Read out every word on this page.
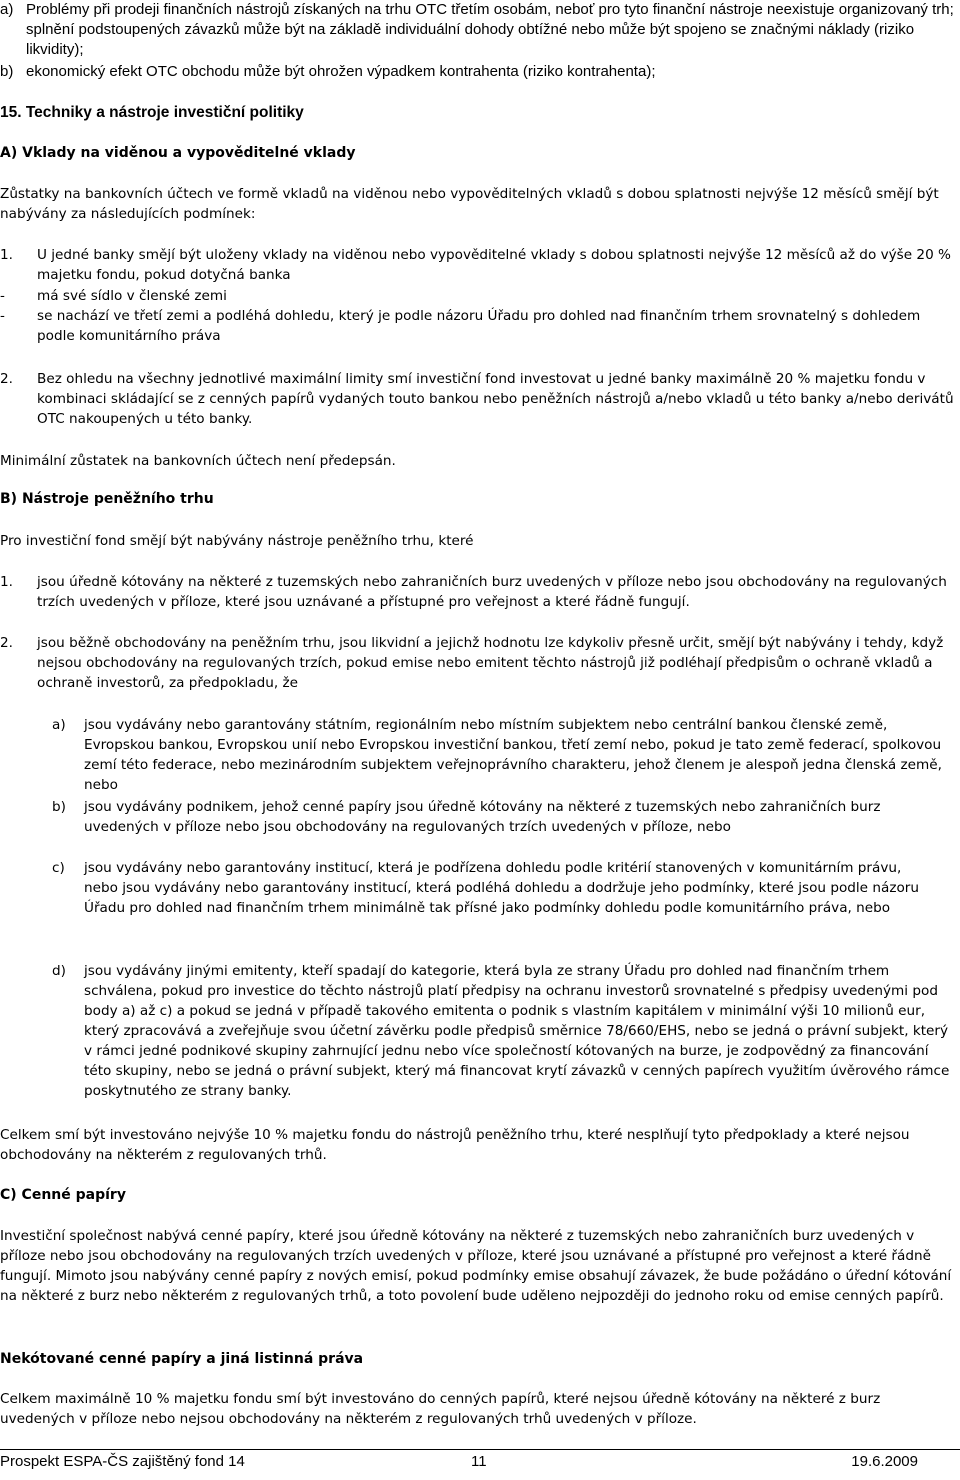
a) Problémy při prodeji finančních nástrojů získaných na trhu OTC třetím osobám, neboť pro tyto finanční nástroje neexistuje organizovaný trh; splnění podstoupených závazků může být na základě individuální dohody obtížné nebo může být spojeno se značnými náklady (riziko likvidity);
b) ekonomický efekt OTC obchodu může být ohrožen výpadkem kontrahenta (riziko kontrahenta);
15. Techniky a nástroje investiční politiky
A) Vklady na viděnou a vypověditelné vklady
Zůstatky na bankovních účtech ve formě vkladů na viděnou nebo vypověditelných vkladů s dobou splatnosti nejvýše 12 měsíců smějí být nabývány za následujících podmínek:
1.	U jedné banky smějí být uloženy vklady na viděnou nebo vypověditelné vklady s dobou splatnosti nejvýše 12 měsíců až do výše 20 % majetku fondu, pokud dotyčná banka
-	má své sídlo v členské zemi
-	se nachází ve třetí zemi a podléhá dohledu, který je podle názoru Úřadu pro dohled nad finančním trhem srovnatelný s dohledem podle komunitárního práva
2.	Bez ohledu na všechny jednotlivé maximální limity smí investiční fond investovat u jedné banky maximálně 20 % majetku fondu v kombinaci skládající se z cenných papírů vydaných touto bankou nebo peněžních nástrojů a/nebo vkladů u této banky a/nebo derivátů OTC nakoupených u této banky.
Minimální zůstatek na bankovních účtech není předepsán.
B) Nástroje peněžního trhu
Pro investiční fond smějí být nabývány nástroje peněžního trhu, které
1.	jsou úředně kótovány na některé z tuzemských nebo zahraničních burz uvedených v příloze nebo jsou obchodovány na regulovaných trzích uvedených v příloze, které jsou uznávané a přístupné pro veřejnost a které řádně fungují.
2.	jsou běžně obchodovány na peněžním trhu, jsou likvidní a jejichž hodnotu lze kdykoliv přesně určit, smějí být nabývány i tehdy, když nejsou obchodovány na regulovaných trzích, pokud emise nebo emitent těchto nástrojů již podléhají předpisům o ochraně vkladů a ochraně investorů, za předpokladu, že
a)	jsou vydávány nebo garantovány státním, regionálním nebo místním subjektem nebo centrální bankou členské země, Evropskou bankou, Evropskou unií nebo Evropskou investiční bankou, třetí zemí nebo, pokud je tato země federací, spolkovou zemí této federace, nebo mezinárodním subjektem veřejnoprávního charakteru, jehož členem je alespoň jedna členská země, nebo
b)	jsou vydávány podnikem, jehož cenné papíry jsou úředně kótovány na některé z tuzemských nebo zahraničních burz uvedených v příloze nebo jsou obchodovány na regulovaných trzích uvedených v příloze, nebo
c)	jsou vydávány nebo garantovány institucí, která je podřízena dohledu podle kritérií stanovených v komunitárním právu, nebo jsou vydávány nebo garantovány institucí, která podléhá dohledu a dodržuje jeho podmínky, které jsou podle názoru Úřadu pro dohled nad finančním trhem minimálně tak přísné jako podmínky dohledu podle komunitárního práva, nebo
d)	jsou vydávány jinými emitenty, kteří spadají do kategorie, která byla ze strany Úřadu pro dohled nad finančním trhem schválena, pokud pro investice do těchto nástrojů platí předpisy na ochranu investorů srovnatelné s předpisy uvedenými pod body a) až c) a pokud se jedná v případě takového emitenta o podnik s vlastním kapitálem v minimální výši 10 milionů eur, který zpracovává a zveřejňuje svou účetní závěrku podle předpisů směrnice 78/660/EHS, nebo se jedná o právní subjekt, který v rámci jedné podnikové skupiny zahrnující jednu nebo více společností kótovaných na burze, je zodpovědný za financování této skupiny, nebo se jedná o právní subjekt, který má financovat krytí závazků v cenných papírech využitím úvěrového rámce poskytnutého ze strany banky.
Celkem smí být investováno nejvýše 10 % majetku fondu do nástrojů peněžního trhu, které nesplňují tyto předpoklady a které nejsou obchodovány na některém z regulovaných trhů.
C) Cenné papíry
Investiční společnost nabývá cenné papíry, které jsou úředně kótovány na některé z tuzemských nebo zahraničních burz uvedených v příloze nebo jsou obchodovány na regulovaných trzích uvedených v příloze, které jsou uznávané a přístupné pro veřejnost a které řádně fungují. Mimoto jsou nabývány cenné papíry z nových emisí, pokud podmínky emise obsahují závazek, že bude požádáno o úřední kótování na některé z burz nebo některém z regulovaných trhů, a toto povolení bude uděleno nejpozději do jednoho roku od emise cenných papírů.
Nekótované cenné papíry a jiná listinná práva
Celkem maximálně 10 % majetku fondu smí být investováno do cenných papírů, které nejsou úředně kótovány na některé z burz uvedených v příloze nebo nejsou obchodovány na některém z regulovaných trhů uvedených v příloze.
Prospekt ESPA-ČS zajištěný fond 14	11	19.6.2009
